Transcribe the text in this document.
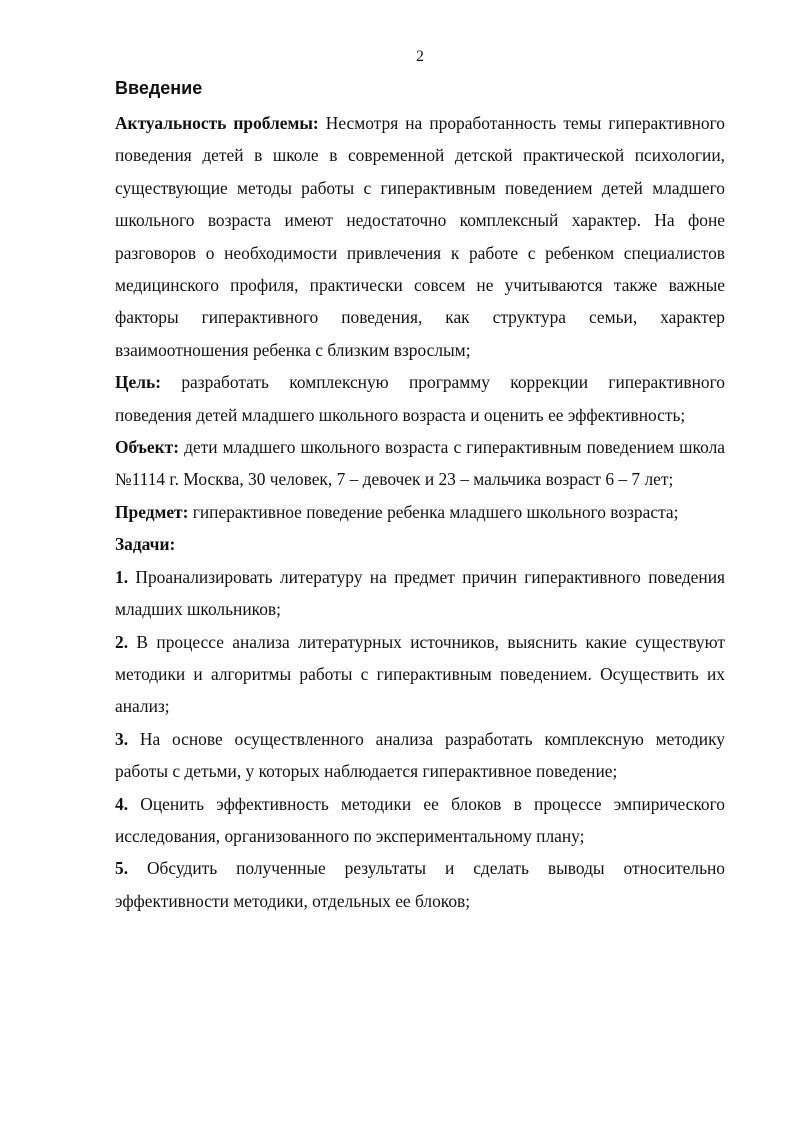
2
Введение

Актуальность проблемы: Несмотря на проработанность темы гиперактивного поведения детей в школе в современной детской практической психологии, существующие методы работы с гиперактивным поведением детей младшего школьного возраста имеют недостаточно комплексный характер. На фоне разговоров о необходимости привлечения к работе с ребенком специалистов медицинского профиля, практически совсем не учитываются также важные факторы гиперактивного поведения, как структура семьи, характер взаимоотношения ребенка с близким взрослым;

Цель: разработать комплексную программу коррекции гиперактивного поведения детей младшего школьного возраста и оценить ее эффективность;

Объект: дети младшего школьного возраста с гиперактивным поведением школа №1114 г. Москва, 30 человек, 7 – девочек и 23 – мальчика возраст 6 – 7 лет;

Предмет: гиперактивное поведение ребенка младшего школьного возраста;

Задачи:

1. Проанализировать литературу на предмет причин гиперактивного поведения младших школьников;

2. В процессе анализа литературных источников, выяснить какие существуют методики и алгоритмы работы с гиперактивным поведением. Осуществить их анализ;

3. На основе осуществленного анализа разработать комплексную методику работы с детьми, у которых наблюдается гиперактивное поведение;

4. Оценить эффективность методики ее блоков в процессе эмпирического исследования, организованного по экспериментальному плану;

5. Обсудить полученные результаты и сделать выводы относительно эффективности методики, отдельных ее блоков;
